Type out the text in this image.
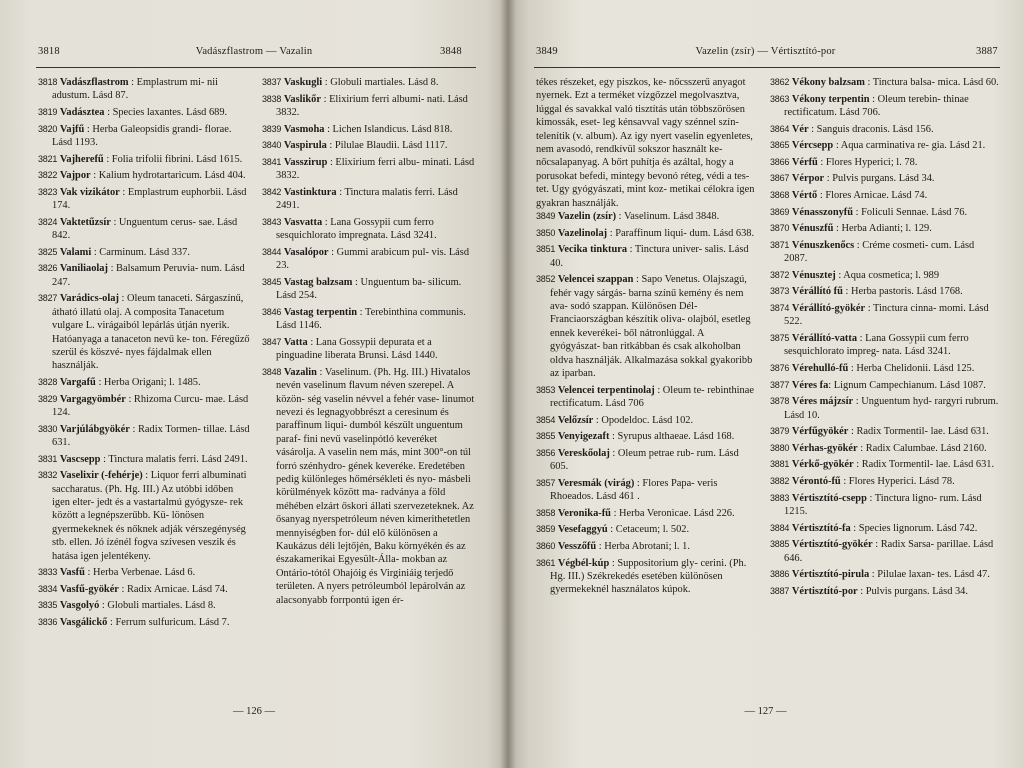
3818	Vadászflastrom — Vazalin	3848

3818 Vadászflastrom : Emplastrum mi- nii adustum. Lásd 87.

3819 Vadásztea : Species laxantes. Lásd 689.

3820 Vajfű : Herba Galeopsidis grandi- florae. Lásd 1193.

3821 Vajherefű : Folia trifolii fibrini. Lásd 1615.

3822 Vajpor : Kalium hydrotartaricum. Lásd 404.

3823 Vak vizikátor : Emplastrum euphorbii. Lásd 174.

3824 Vaktetűzsír : Unguentum cerus- sae. Lásd 842.

3825 Valami : Carminum. Lásd 337.

3826 Vaniliaolaj : Balsamum Peruvia- num. Lásd 247.

3827 Varádics-olaj : Oleum tanaceti. Sárgaszínű, átható illatú olaj. A composita Tanacetum vulgare L. virágaiból lepárlás útján nyerik. Hatóanyaga a tanaceton nevű ke- ton. Féregűző szerül és köszvé- nyes fájdalmak ellen használják.

3828 Vargafű : Herba Origani; l. 1485.

3829 Vargagyömbér : Rhizoma Curcu- mae. Lásd 124.

3830 Varjúlábgyökér : Radix Tormen- tillae. Lásd 631.

3831 Vascsepp : Tinctura malatis ferri. Lásd 2491.

3832 Vaselixir (-fehérje) : Liquor ferri albuminati saccharatus. (Ph. Hg. III.) Az utóbbi időben igen elter- jedt és a vastartalmú gyógysze- rek között a legnépszerűbb. Kü- lönösen gyermekeknek és nőknek adják vérszegénység stb. ellen. Jó ízénél fogva szívesen veszik és hatása igen jelentékeny.

3833 Vasfű : Herba Verbenae. Lásd 6.

3834 Vasfű-gyökér : Radix Arnicae. Lásd 74.

3835 Vasgolyó : Globuli martiales. Lásd 8.

3836 Vasgálickő : Ferrum sulfuricum. Lásd 7.

3837 Vaskugli : Globuli martiales. Lásd 8.

3838 Vaslikőr : Elixirium ferri albumi- nati. Lásd 3832.

3839 Vasmoha : Lichen Islandicus. Lásd 818.

3840 Vaspirula : Pilulae Blaudii. Lásd 1117.

3841 Vasszirup : Elixirium ferri albu- minati. Lásd 3832.

3842 Vastinktura : Tinctura malatis ferri. Lásd 2491.

3843 Vasvatta : Lana Gossypii cum ferro sesquichlorato impregnata. Lásd 3241.

3844 Vasalópor : Gummi arabicum pul- vis. Lásd 23.

3845 Vastag balzsam : Unguentum ba- silicum. Lásd 254.

3846 Vastag terpentin : Terebinthina communis. Lásd 1146.

3847 Vatta : Lana Gossypii depurata et a pinguadine liberata Brunsi. Lásd 1440.

3848 Vazalin : Vaselinum. (Ph. Hg. III.) Hivatalos nevén vaselinum flavum néven szerepel. A közön- ség vaselin névvel a fehér vase- linumot nevezi és legnagyobbrészt a ceresinum és paraffinum liqui- dumból készült unguentum paraf- fini nevű vaselinpótló keveréket vásárolja. A vaselin nem más, mint 300°-on túl forró szénhydro- gének keveréke. Eredetében pedig különleges hőmérsékleti és nyo- másbeli körülmények között ma- radványa a föld méhében elzárt őskori állati szervezeteknek. Az ősanyag nyerspetróleum néven kimerithetetlen mennyiségben for- dúl elő különösen a Kaukázus déli lejtőjén, Baku környékén és az északamerikai Egyesült-Álla- mokban az Ontário-tótól Ohajóig és Virginiáig terjedő területen. A nyers petróleumból lepárolván az alacsonyabb forrpontú igen ér-

— 126 —
3849	Vazelin (zsír) — Vértisztító-por	3887

tékes részeket, egy piszkos, ke- nőcsszerű anyagot nyernek. Ezt a terméket vízgőzzel megolvasztva, lúggal és savakkal való tisztítás után többszörösen kimossák, eset- leg kénsavval vagy szénnel szín- telenítik (v. album). Az igy nyert vaselin egyenletes, nem avasodó, rendkívül sokszor használt ke- nőcsalapanyag. A bőrt puhítja és azáltal, hogy a porusokat befedi, mintegy bevonó réteg, védi a tes- tet. Ugy gyógyászati, mint koz- metikai célokra igen gyakran használják.

3849 Vazelin (zsír) : Vaselinum. Lásd 3848.

3850 Vazelinolaj : Paraffinum liqui- dum. Lásd 638.

3851 Vecika tinktura : Tinctura univer- salis. Lásd 40.

3852 Velencei szappan : Sapo Venetus. Olajszagú, fehér vagy sárgás- barna színű kemény és nem ava- sodó szappan. Különösen Dél- Franciaországban készítik oliva- olajból, esetleg ennek keverékei- ből nátronlúggal. A gyógyászat- ban ritkábban és csak alkoholban oldva használják. Alkalmazása sokkal gyakoribb az iparban.

3853 Velencei terpentinolaj : Oleum te- rebinthinae rectificatum. Lásd 706

3854 Velőzsír : Opodeldoc. Lásd 102.

3855 Venyigezaft : Syrupus althaeae. Lásd 168.

3856 Vereskőolaj : Oleum petrae rub- rum. Lásd 605.

3857 Veresmák (virág) : Flores Papa- veris Rhoeados. Lásd 461 .

3858 Veronika-fű : Herba Veronicae. Lásd 226.

3859 Vesefaggyú : Cetaceum; l. 502.

3860 Vesszőfű : Herba Abrotani; l. 1.

3861 Végbél-kúp : Suppositorium gly- cerini. (Ph. Hg. III.) Székrekedés esetében különösen gyermekeknél használatos kúpok.

3862 Vékony balzsam : Tinctura balsa- mica. Lásd 60.

3863 Vékony terpentin : Oleum terebin- thinae rectificatum. Lásd 706.

3864 Vér : Sanguis draconis. Lásd 156.

3865 Vércsepp : Aqua carminativa re- gia. Lásd 21.

3866 Vérfű : Flores Hyperici; l. 78.

3867 Vérpor : Pulvis purgans. Lásd 34.

3868 Vértő : Flores Arnicae. Lásd 74.

3869 Vénasszonyfű : Foliculi Sennae. Lásd 76.

3870 Vénuszfű : Herba Adianti; l. 129.

3871 Vénuszkenőcs : Créme cosmeti- cum. Lásd 2087.

3872 Vénusztej : Aqua cosmetica; l. 989

3873 Vérállító fű : Herba pastoris. Lásd 1768.

3874 Vérállító-gyökér : Tinctura cinna- momi. Lásd 522.

3875 Vérállító-vatta : Lana Gossypii cum ferro sesquichlorato impreg- nata. Lásd 3241.

3876 Vérehulló-fű : Herba Chelidonii. Lásd 125.

3877 Véres fa: Lignum Campechianum. Lásd 1087.

3878 Véres májzsír : Unguentum hyd- rargyri rubrum. Lásd 10.

3879 Vérfűgyökér : Radix Tormentil- lae. Lásd 631.

3880 Vérhas-gyökér : Radix Calumbae. Lásd 2160.

3881 Vérkő-gyökér : Radix Tormentil- lae. Lásd 631.

3882 Vérontó-fű : Flores Hyperici. Lásd 78.

3883 Vértisztító-csepp : Tinctura ligno- rum. Lásd 1215.

3884 Vértisztító-fa : Species lignorum. Lásd 742.

3885 Vértisztító-gyökér : Radix Sarsa- parillae. Lásd 646.

3886 Vértisztító-pirula : Pilulae laxan- tes. Lásd 47.

3887 Vértisztító-por : Pulvis purgans. Lásd 34.

— 127 —
